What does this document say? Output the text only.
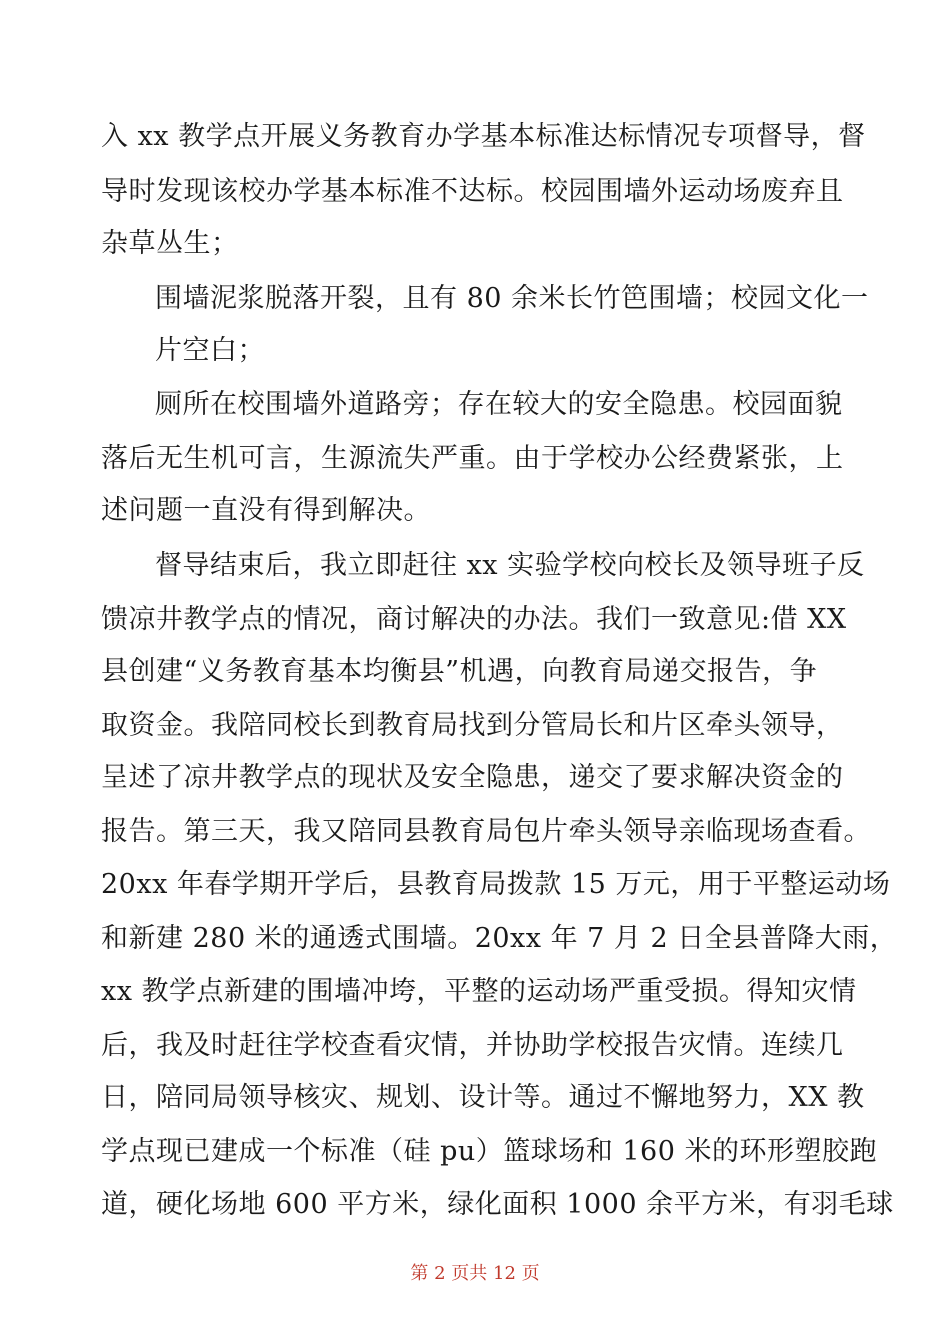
入 xx 教学点开展义务教育办学基本标准达标情况专项督导，督
导时发现该校办学基本标准不达标。校园围墙外运动场废弃且
杂草丛生；
围墙泥浆脱落开裂，且有 80 余米长竹笆围墙；校园文化一
片空白；
厕所在校围墙外道路旁；存在较大的安全隐患。校园面貌
落后无生机可言，生源流失严重。由于学校办公经费紧张，上
述问题一直没有得到解决。
督导结束后，我立即赶往 xx 实验学校向校长及领导班子反
馈凉井教学点的情况，商讨解决的办法。我们一致意见:借 XX
县创建“义务教育基本均衡县”机遇，向教育局递交报告，争
取资金。我陪同校长到教育局找到分管局长和片区牵头领导，
呈述了凉井教学点的现状及安全隐患，递交了要求解决资金的
报告。第三天，我又陪同县教育局包片牵头领导亲临现场查看。
20xx 年春学期开学后，县教育局拨款 15 万元，用于平整运动场
和新建 280 米的通透式围墙。20xx 年 7 月 2 日全县普降大雨，
xx 教学点新建的围墙冲垮，平整的运动场严重受损。得知灾情
后，我及时赶往学校查看灾情，并协助学校报告灾情。连续几
日，陪同局领导核灾、规划、设计等。通过不懈地努力，XX 教
学点现已建成一个标准（硅 pu）篮球场和 160 米的环形塑胶跑
道，硬化场地 600 平方米，绿化面积 1000 余平方米，有羽毛球
第 2 页共 12 页
